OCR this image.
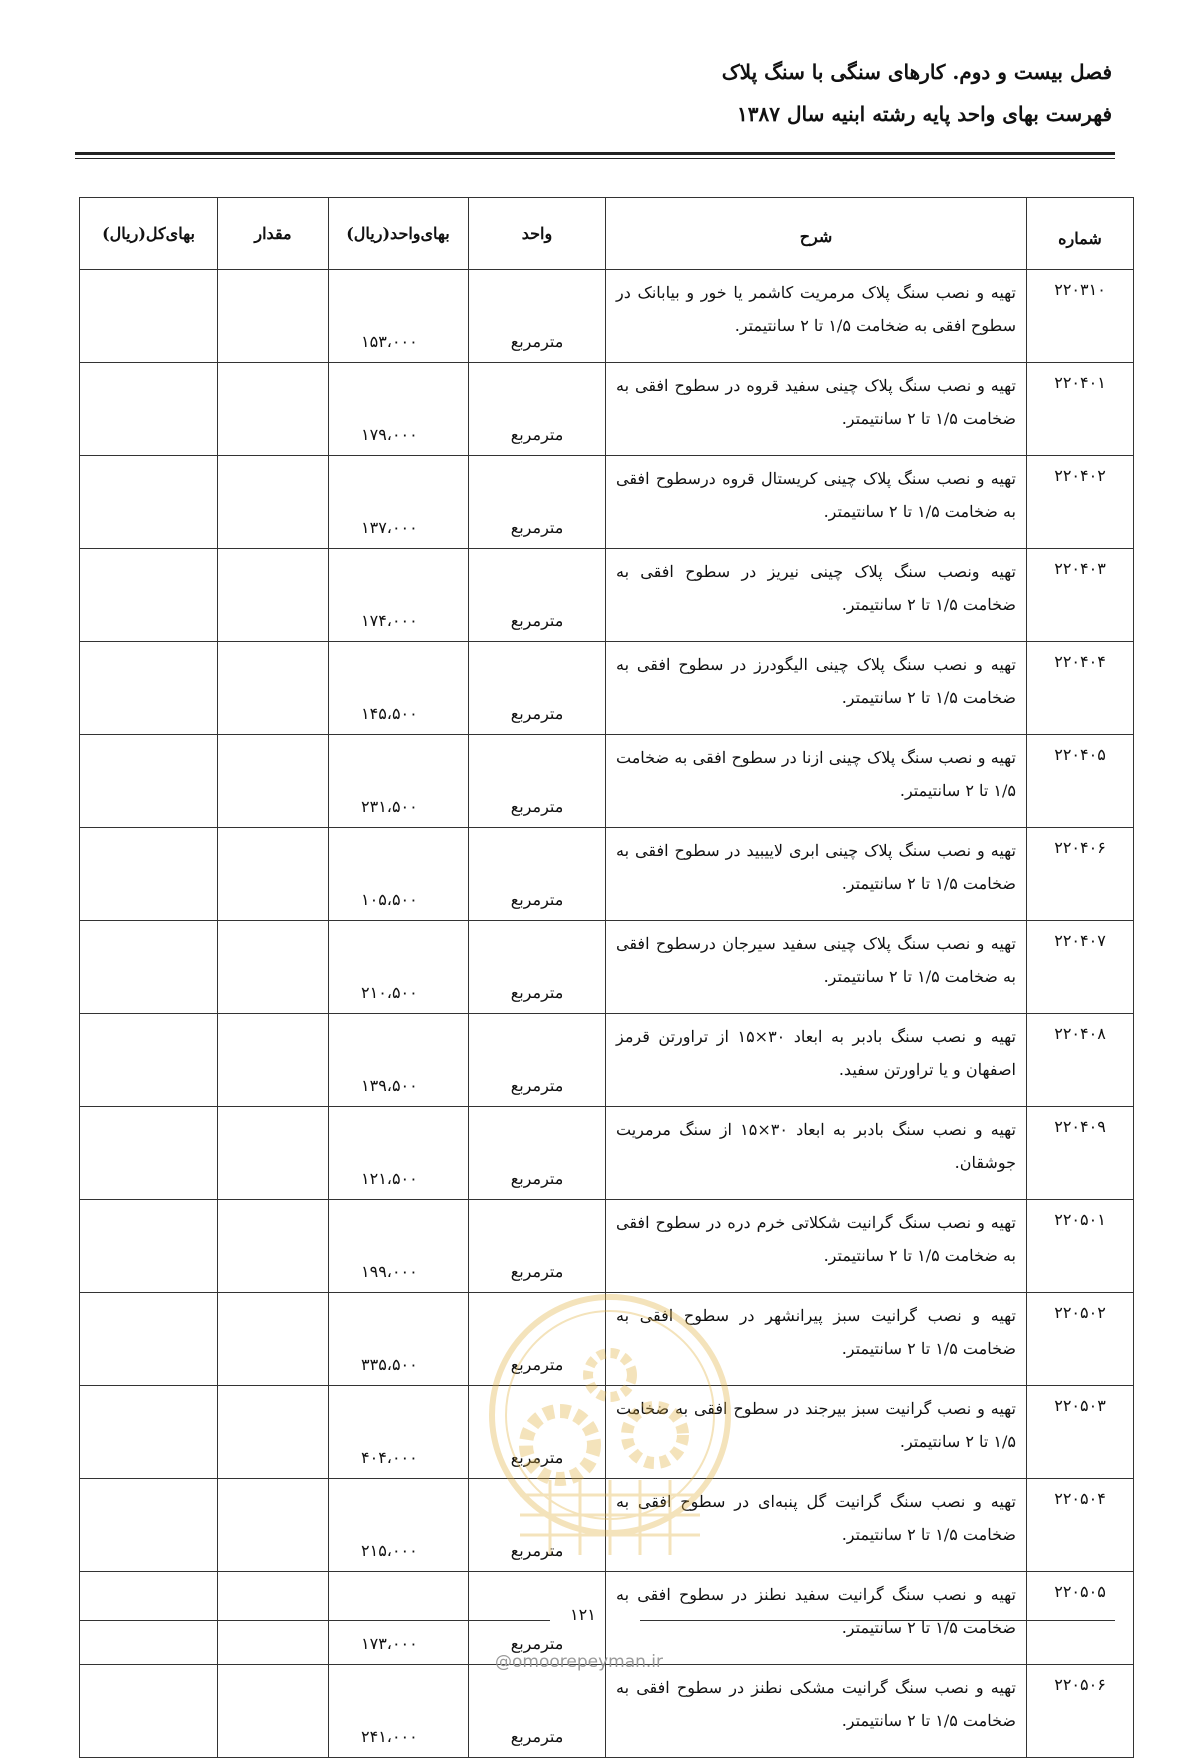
فصل بیست و دوم. کارهای سنگی با سنگ پلاک
فهرست بهای واحد پایه رشته ابنیه سال ۱۳۸۷
شماره	شرح	واحد	بهای‌واحد(ریال)	مقدار	بهای‌کل(ریال)
۲۲۰۳۱۰	تهیه و نصب سنگ پلاک مرمریت کاشمر یا خور و بیابانک در سطوح افقی به ضخامت ۱/۵ تا ۲ سانتیمتر.	مترمربع	۱۵۳،۰۰۰		

۲۲۰۴۰۱	تهیه و نصب سنگ پلاک چینی سفید قروه در سطوح افقی به ضخامت ۱/۵ تا ۲ سانتیمتر.	مترمربع	۱۷۹،۰۰۰		

۲۲۰۴۰۲	تهیه و نصب سنگ پلاک چینی کریستال قروه درسطوح افقی به ضخامت ۱/۵ تا ۲ سانتیمتر.	مترمربع	۱۳۷،۰۰۰		

۲۲۰۴۰۳	تهیه ونصب سنگ پلاک چینی نیریز در سطوح افقی به ضخامت ۱/۵ تا ۲ سانتیمتر.	مترمربع	۱۷۴،۰۰۰		

۲۲۰۴۰۴	تهیه و نصب سنگ پلاک چینی الیگودرز در سطوح افقی به ضخامت ۱/۵ تا ۲ سانتیمتر.	مترمربع	۱۴۵،۵۰۰		

۲۲۰۴۰۵	تهیه و نصب سنگ پلاک چینی ازنا در سطوح افقی به ضخامت ۱/۵ تا ۲ سانتیمتر.	مترمربع	۲۳۱،۵۰۰		

۲۲۰۴۰۶	تهیه و نصب سنگ پلاک چینی ابری لاییبید در سطوح افقی به ضخامت ۱/۵ تا ۲ سانتیمتر.	مترمربع	۱۰۵،۵۰۰		

۲۲۰۴۰۷	تهیه و نصب سنگ پلاک چینی سفید سیرجان درسطوح افقی به ضخامت ۱/۵ تا ۲ سانتیمتر.	مترمربع	۲۱۰،۵۰۰		

۲۲۰۴۰۸	تهیه و نصب سنگ بادبر به ابعاد ۳۰×۱۵ از تراورتن قرمز اصفهان و یا تراورتن سفید.	مترمربع	۱۳۹،۵۰۰		

۲۲۰۴۰۹	تهیه و نصب سنگ بادبر به ابعاد ۳۰×۱۵ از سنگ مرمریت جوشقان.	مترمربع	۱۲۱،۵۰۰		

۲۲۰۵۰۱	تهیه و نصب سنگ گرانیت شکلاتی خرم دره در سطوح افقی به ضخامت ۱/۵ تا ۲ سانتیمتر.	مترمربع	۱۹۹،۰۰۰		

۲۲۰۵۰۲	تهیه و نصب گرانیت سبز پیرانشهر در سطوح افقی به ضخامت ۱/۵ تا ۲ سانتیمتر.	مترمربع	۳۳۵،۵۰۰		

۲۲۰۵۰۳	تهیه و نصب گرانیت سبز بیرجند در سطوح افقی به ضخامت ۱/۵ تا ۲ سانتیمتر.	مترمربع	۴۰۴،۰۰۰		

۲۲۰۵۰۴	تهیه و نصب سنگ گرانیت گل پنبه‌ای در سطوح افقی به ضخامت ۱/۵ تا ۲ سانتیمتر.	مترمربع	۲۱۵،۰۰۰		

۲۲۰۵۰۵	تهیه و نصب سنگ گرانیت سفید نطنز در سطوح افقی به ضخامت ۱/۵ تا ۲ سانتیمتر.	مترمربع	۱۷۳،۰۰۰		

۲۲۰۵۰۶	تهیه و نصب سنگ گرانیت مشکی نطنز در سطوح افقی به ضخامت ۱/۵ تا ۲ سانتیمتر.	مترمربع	۲۴۱،۰۰۰		

۱۲۱
@omoorepeyman.ir
